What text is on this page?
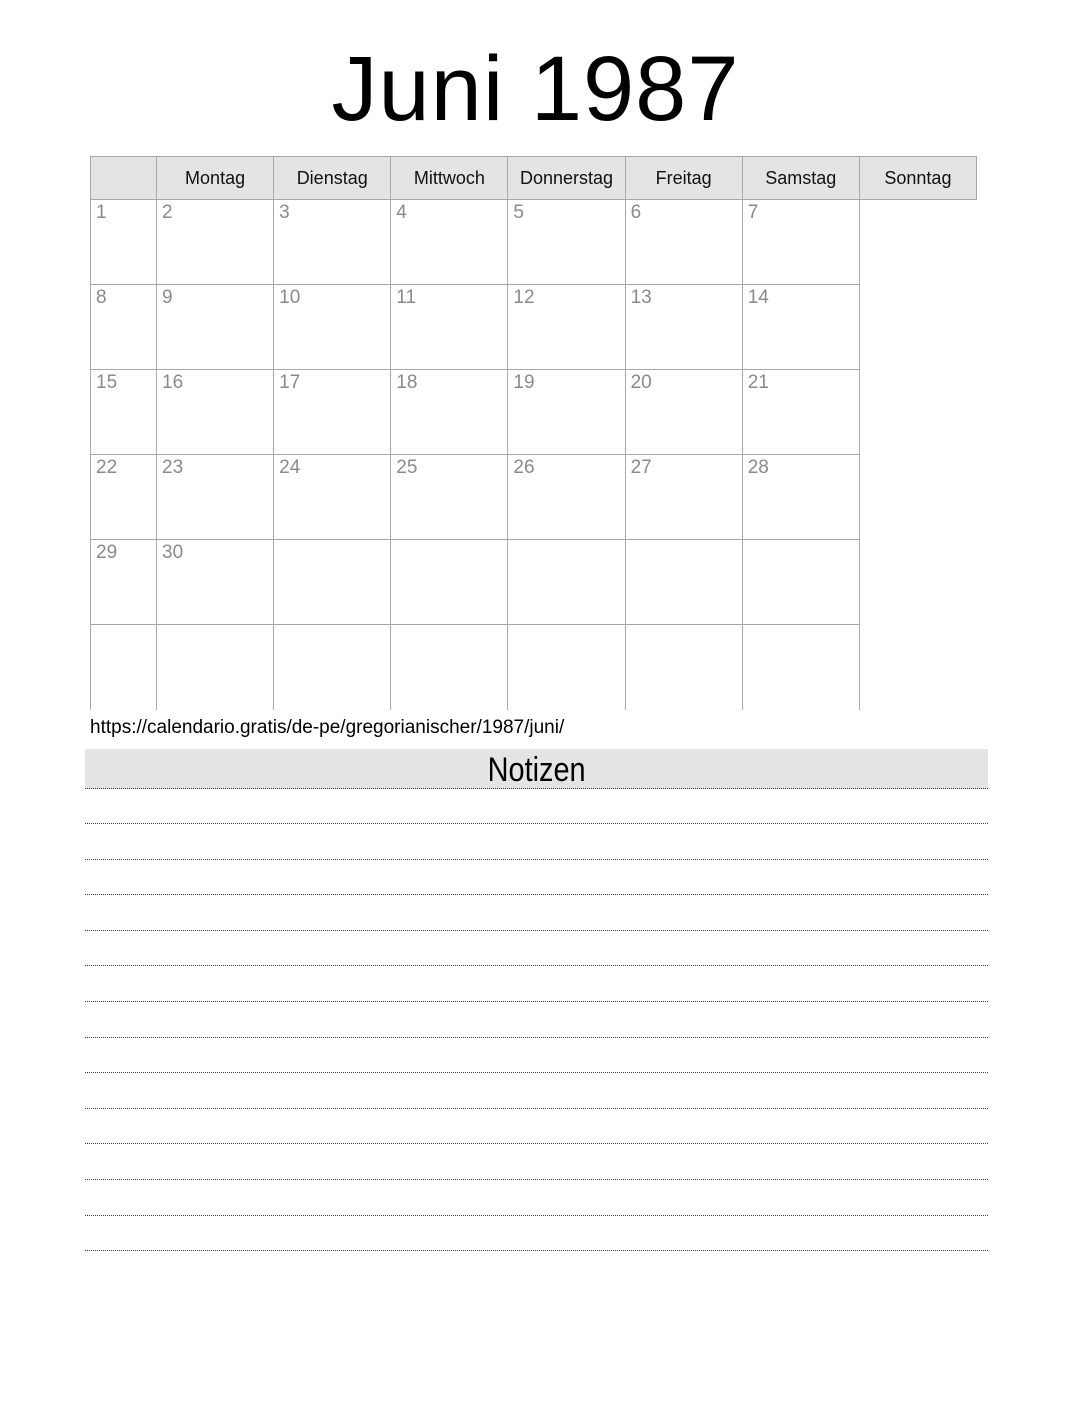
Juni 1987
	Montag	Dienstag	Mittwoch	Donnerstag	Freitag	Samstag	Sonntag
1	2	3	4	5	6	7	
8	9	10	11	12	13	14	
15	16	17	18	19	20	21	
22	23	24	25	26	27	28	
29	30						

https://calendario.gratis/de-pe/gregorianischer/1987/juni/
Notizen
